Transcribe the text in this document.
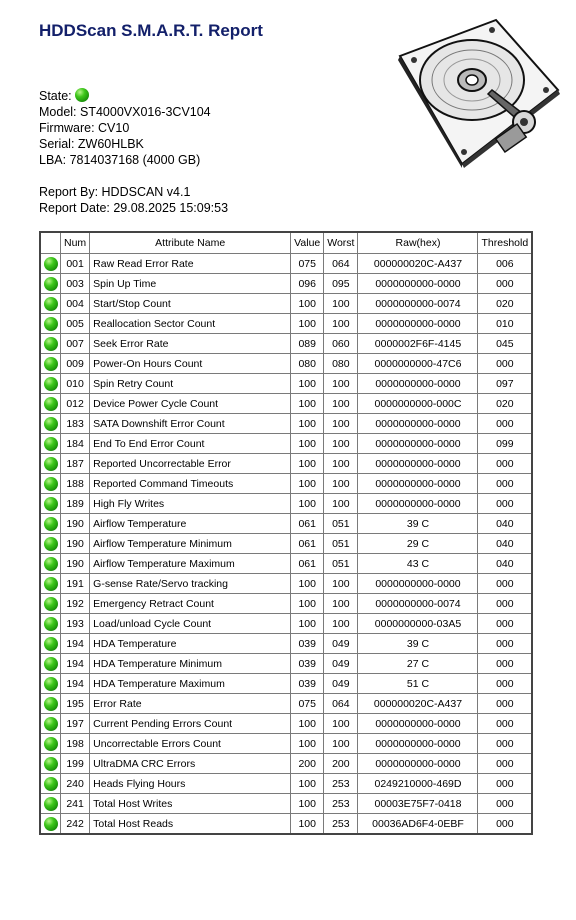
HDDScan S.M.A.R.T. Report
State:
Model: ST4000VX016-3CV104
Firmware: CV10
Serial: ZW60HLBK
LBA: 7814037168 (4000 GB)
Report By: HDDSCAN v4.1
Report Date: 29.08.2025 15:09:53
	Num	Attribute Name	Value	Worst	Raw(hex)	Threshold
	001	Raw Read Error Rate	075	064	000000020C-A437	006
	003	Spin Up Time	096	095	0000000000-0000	000
	004	Start/Stop Count	100	100	0000000000-0074	020
	005	Reallocation Sector Count	100	100	0000000000-0000	010
	007	Seek Error Rate	089	060	0000002F6F-4145	045
	009	Power-On Hours Count	080	080	0000000000-47C6	000
	010	Spin Retry Count	100	100	0000000000-0000	097
	012	Device Power Cycle Count	100	100	0000000000-000C	020
	183	SATA Downshift Error Count	100	100	0000000000-0000	000
	184	End To End Error Count	100	100	0000000000-0000	099
	187	Reported Uncorrectable Error	100	100	0000000000-0000	000
	188	Reported Command Timeouts	100	100	0000000000-0000	000
	189	High Fly Writes	100	100	0000000000-0000	000
	190	Airflow Temperature	061	051	39 C	040
	190	Airflow Temperature Minimum	061	051	29 C	040
	190	Airflow Temperature Maximum	061	051	43 C	040
	191	G-sense Rate/Servo tracking	100	100	0000000000-0000	000
	192	Emergency Retract Count	100	100	0000000000-0074	000
	193	Load/unload Cycle Count	100	100	0000000000-03A5	000
	194	HDA Temperature	039	049	39 C	000
	194	HDA Temperature Minimum	039	049	27 C	000
	194	HDA Temperature Maximum	039	049	51 C	000
	195	Error Rate	075	064	000000020C-A437	000
	197	Current Pending Errors Count	100	100	0000000000-0000	000
	198	Uncorrectable Errors Count	100	100	0000000000-0000	000
	199	UltraDMA CRC Errors	200	200	0000000000-0000	000
	240	Heads Flying Hours	100	253	0249210000-469D	000
	241	Total Host Writes	100	253	00003E75F7-0418	000
	242	Total Host Reads	100	253	00036AD6F4-0EBF	000
